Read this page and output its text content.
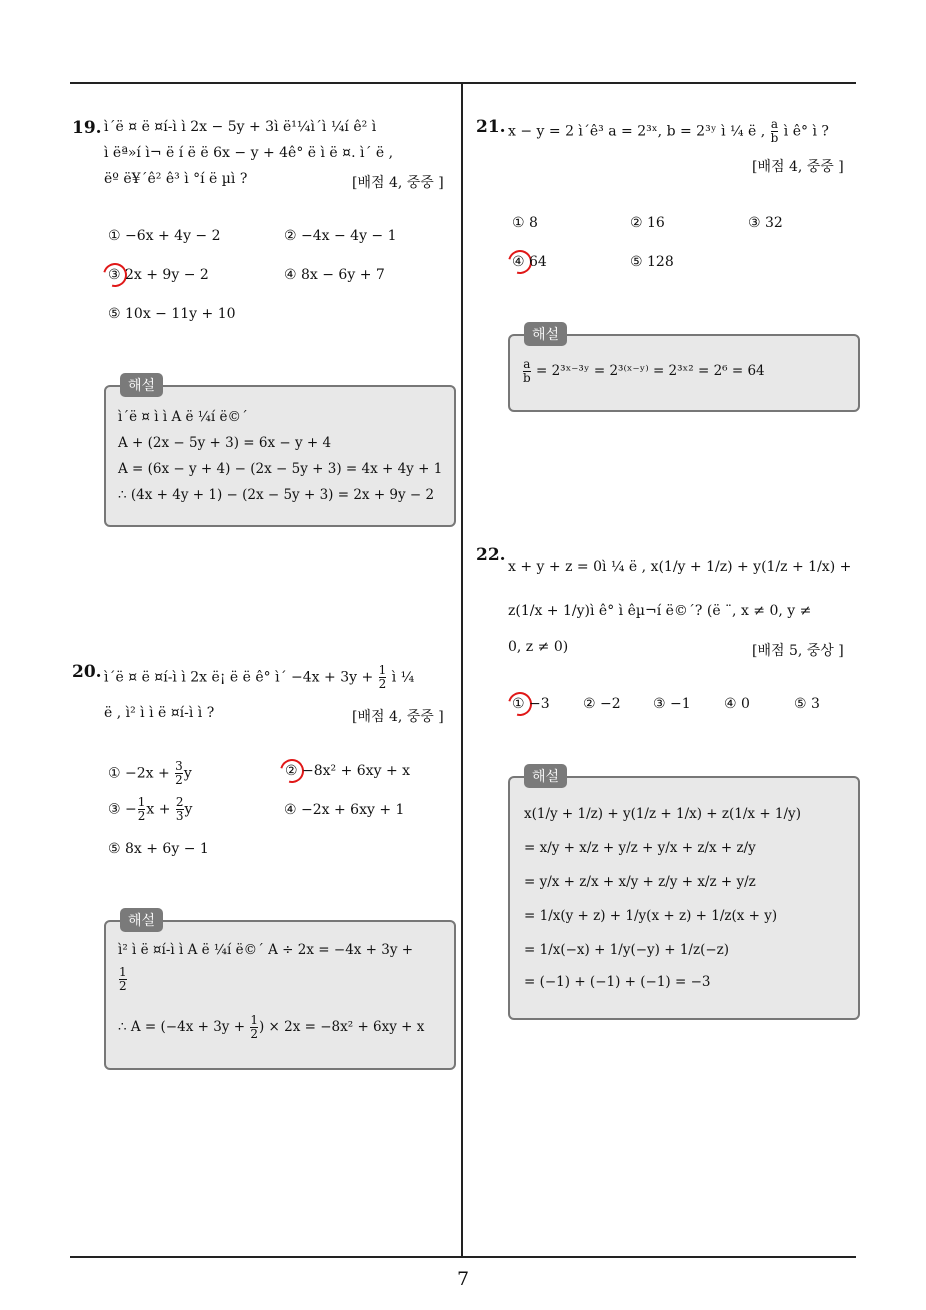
7
19. ì´ë ¤ ë ¤í-ì ì 2x − 5y + 3ì ë¹¼ì´ì ¼í ê² ì
ì ëª»í ì¬ ë í ë ë 6x − y + 4ê° ë ì ë ¤. ì´ ë ,
ëº ë¥´ê² ê³ ì °í ë µì ?	[배점 4, 중중 ]
① −6x + 4y − 2	② −4x − 4y − 1
③ 2x + 9y − 2	④ 8x − 6y + 7
⑤ 10x − 11y + 10
해설
ì´ë ¤ ì ì A ë ¼í ë©´
A + (2x − 5y + 3) = 6x − y + 4
A = (6x − y + 4) − (2x − 5y + 3) = 4x + 4y + 1
∴ (4x + 4y + 1) − (2x − 5y + 3) = 2x + 9y − 2
20. ì´ë ¤ ë ¤í-ì ì 2x ë¡ ë ë ê° ì´ $-4x + 3y + \frac{1}{2}$ ì ¼
ë , ì² ì ì ë ¤í-ì ì ?	[배점 4, 중중 ]
① $-2x + \frac{3}{2}$ y	② −8x² + 6xy + x
③ − $\frac{1}{2}$ $x + \frac{2}{3}$ y	④ −2x + 6xy + 1
⑤ 8x + 6y − 1
해설
ì² ì ë ¤í-ì ì A ë ¼í ë©´ A ÷ 2x = −4x + 3y +
$\frac{1}{2}$
∴ $A = (-4x + 3y + \frac{1}{2}$ ) × 2x = −8x² + 6xy + x
21. x − y = 2 ì´ê³ a = 2³ˣ, b = 2³ʸ ì ¼ ë , $\frac{a}{b}$ ì ê° ì ?
[배점 4, 중중 ]
① 8	② 16	③ 32
④ 64	⑤ 128
해설
$\frac{a}{b}$ = 2³ˣ⁻³ʸ = 2³⁽ˣ⁻ʸ⁾ = 2³ˣ² = 2⁶ = 64
22.
x + y + z = 0ì ¼ ë , x(1/y + 1/z) + y(1/z + 1/x) +
z(1/x + 1/y)ì ê° ì êµ¬í ë©´? (ë ¨, x ≠ 0, y ≠
0, z ≠ 0)	[배점 5, 중상 ]
① −3 ② −2 ③ −1 ④ 0	⑤ 3
해설
x(1/y + 1/z) + y(1/z + 1/x) + z(1/x + 1/y)
= x/y + x/z + y/z + y/x + z/x + z/y
= y/x + z/x + x/y + z/y + x/z + y/z
= 1/x(y + z) + 1/y(x + z) + 1/z(x + y)
= 1/x(−x) + 1/y(−y) + 1/z(−z)
= (−1) + (−1) + (−1) = −3
